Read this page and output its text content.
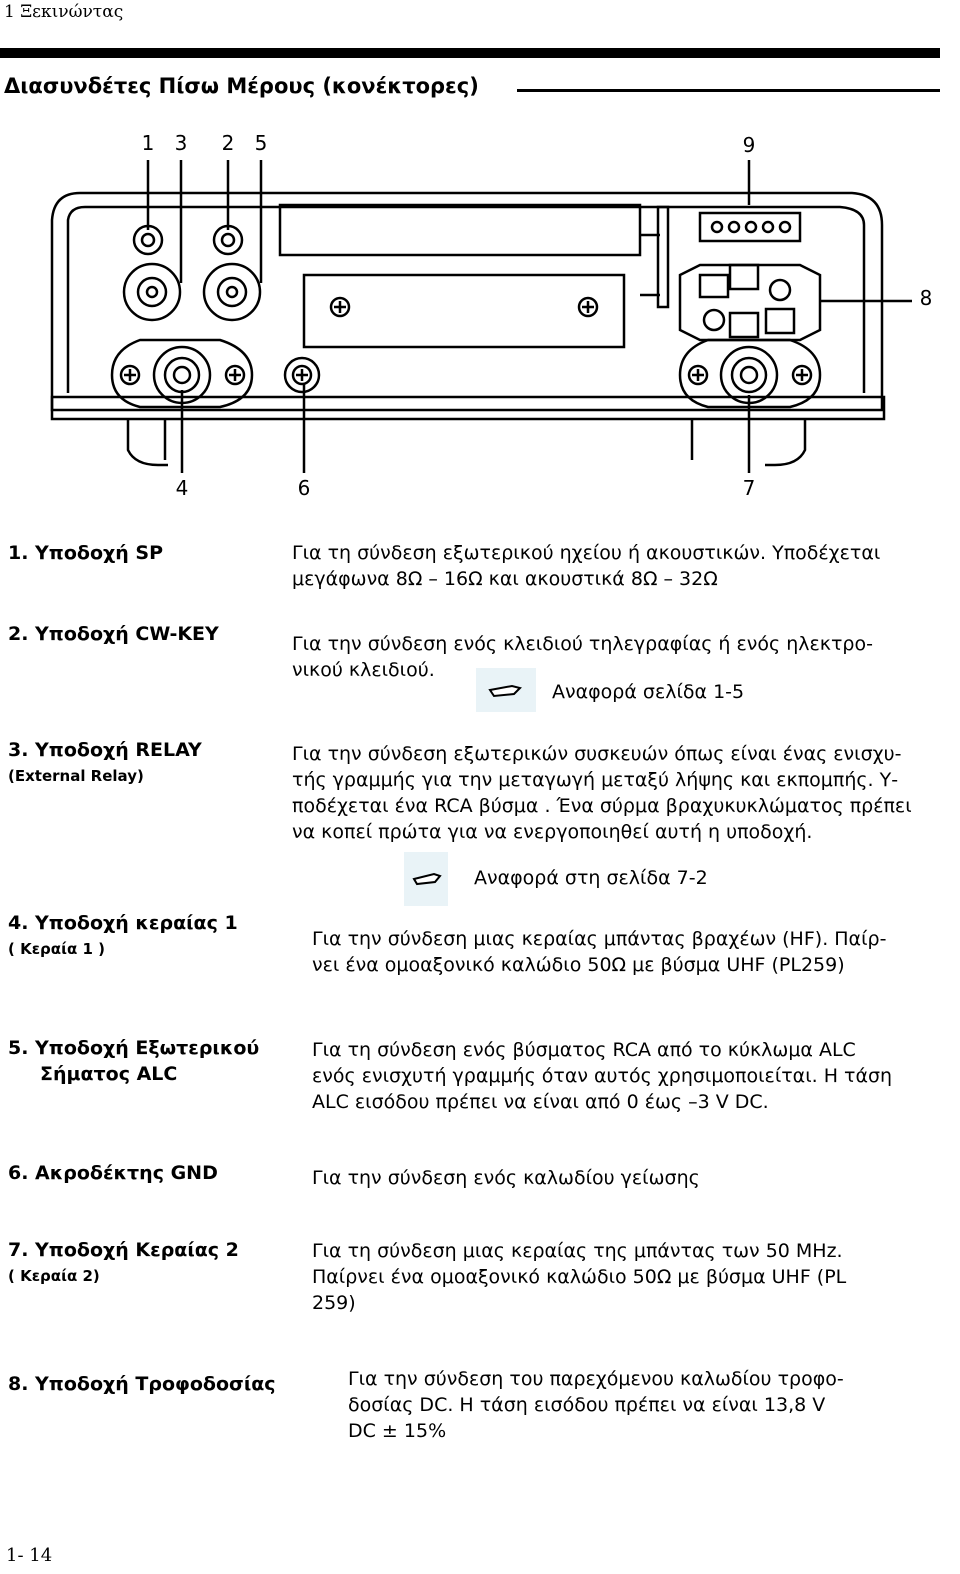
1 Ξεκινώντας
Διασυνδέτες Πίσω Μέρους (κονέκτορες)
1 3 2 5	9
8
4	6	7
1. Υποδοχή SP	Για τη σύνδεση εξωτερικού ηχείου ή ακουστικών. Υποδέχεται
μεγάφωνα 8Ω – 16Ω και ακουστικά 8Ω – 32Ω
2. Υποδοχή CW-KEY	Για την σύνδεση ενός κλειδιού τηλεγραφίας ή ενός ηλεκτρο-
νικού κλειδιού.
Αναφορά σελίδα 1-5
3. Υποδοχή RELAY
(External Relay)
Για την σύνδεση εξωτερικών συσκευών όπως είναι ένας ενισχυ-
τής γραμμής για την μεταγωγή μεταξύ λήψης και εκπομπής. Υ-
ποδέχεται ένα RCA βύσμα . Ένα σύρμα βραχυκυκλώματος πρέπει
να κοπεί πρώτα για να ενεργοποιηθεί αυτή η υποδοχή.
Αναφορά στη σελίδα 7-2
4. Υποδοχή κεραίας 1
( Κεραία 1 )	Για την σύνδεση μιας κεραίας μπάντας βραχέων (HF). Παίρ-
νει ένα ομοαξονικό καλώδιο 50Ω με βύσμα UHF (PL259)
5. Υποδοχή Εξωτερικού
Σήματος ALC
Για τη σύνδεση ενός βύσματος RCA από το κύκλωμα ALC
ενός ενισχυτή γραμμής όταν αυτός χρησιμοποιείται. Η τάση
ALC εισόδου πρέπει να είναι από 0 έως –3 V DC.
6. Ακροδέκτης GND	Για την σύνδεση ενός καλωδίου γείωσης
7. Υποδοχή Κεραίας 2
( Κεραία 2)
Για τη σύνδεση μιας κεραίας της μπάντας των 50 MHz.
Παίρνει ένα ομοαξονικό καλώδιο 50Ω με βύσμα UHF (PL
259)
8. Υποδοχή Τροφοδοσίας	Για την σύνδεση του παρεχόμενου καλωδίου τροφο-
δοσίας DC. Η τάση εισόδου πρέπει να είναι 13,8 V
DC ± 15%
1- 14
